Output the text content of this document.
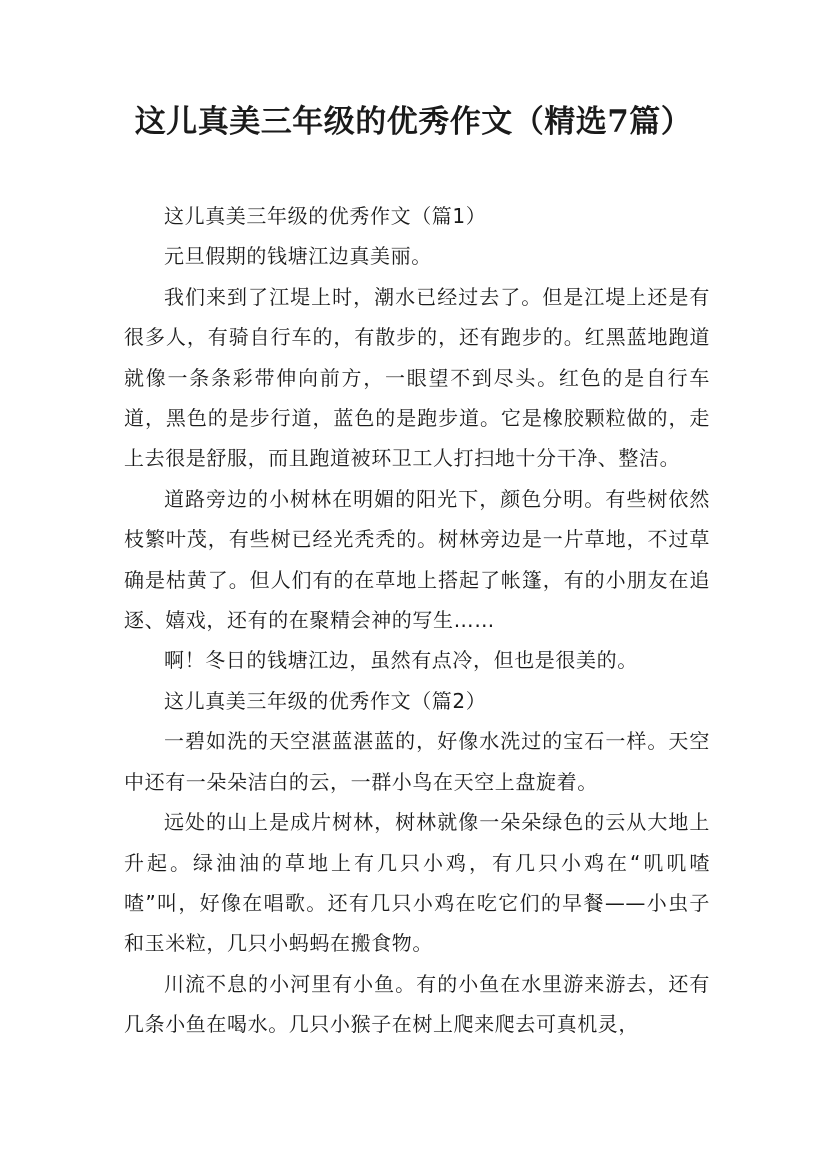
这儿真美三年级的优秀作文（精选7篇）

这儿真美三年级的优秀作文（篇1）

元旦假期的钱塘江边真美丽。

我们来到了江堤上时，潮水已经过去了。但是江堤上还是有很多人，有骑自行车的，有散步的，还有跑步的。红黑蓝地跑道就像一条条彩带伸向前方，一眼望不到尽头。红色的是自行车道，黑色的是步行道，蓝色的是跑步道。它是橡胶颗粒做的，走上去很是舒服，而且跑道被环卫工人打扫地十分干净、整洁。

道路旁边的小树林在明媚的阳光下，颜色分明。有些树依然枝繁叶茂，有些树已经光秃秃的。树林旁边是一片草地，不过草确是枯黄了。但人们有的在草地上搭起了帐篷，有的小朋友在追逐、嬉戏，还有的在聚精会神的写生……

啊！冬日的钱塘江边，虽然有点冷，但也是很美的。

这儿真美三年级的优秀作文（篇2）

一碧如洗的天空湛蓝湛蓝的，好像水洗过的宝石一样。天空中还有一朵朵洁白的云，一群小鸟在天空上盘旋着。

远处的山上是成片树林，树林就像一朵朵绿色的云从大地上升起。绿油油的草地上有几只小鸡，有几只小鸡在“叽叽喳喳”叫，好像在唱歌。还有几只小鸡在吃它们的早餐——小虫子和玉米粒，几只小蚂蚂在搬食物。

川流不息的小河里有小鱼。有的小鱼在水里游来游去，还有几条小鱼在喝水。几只小猴子在树上爬来爬去可真机灵，
